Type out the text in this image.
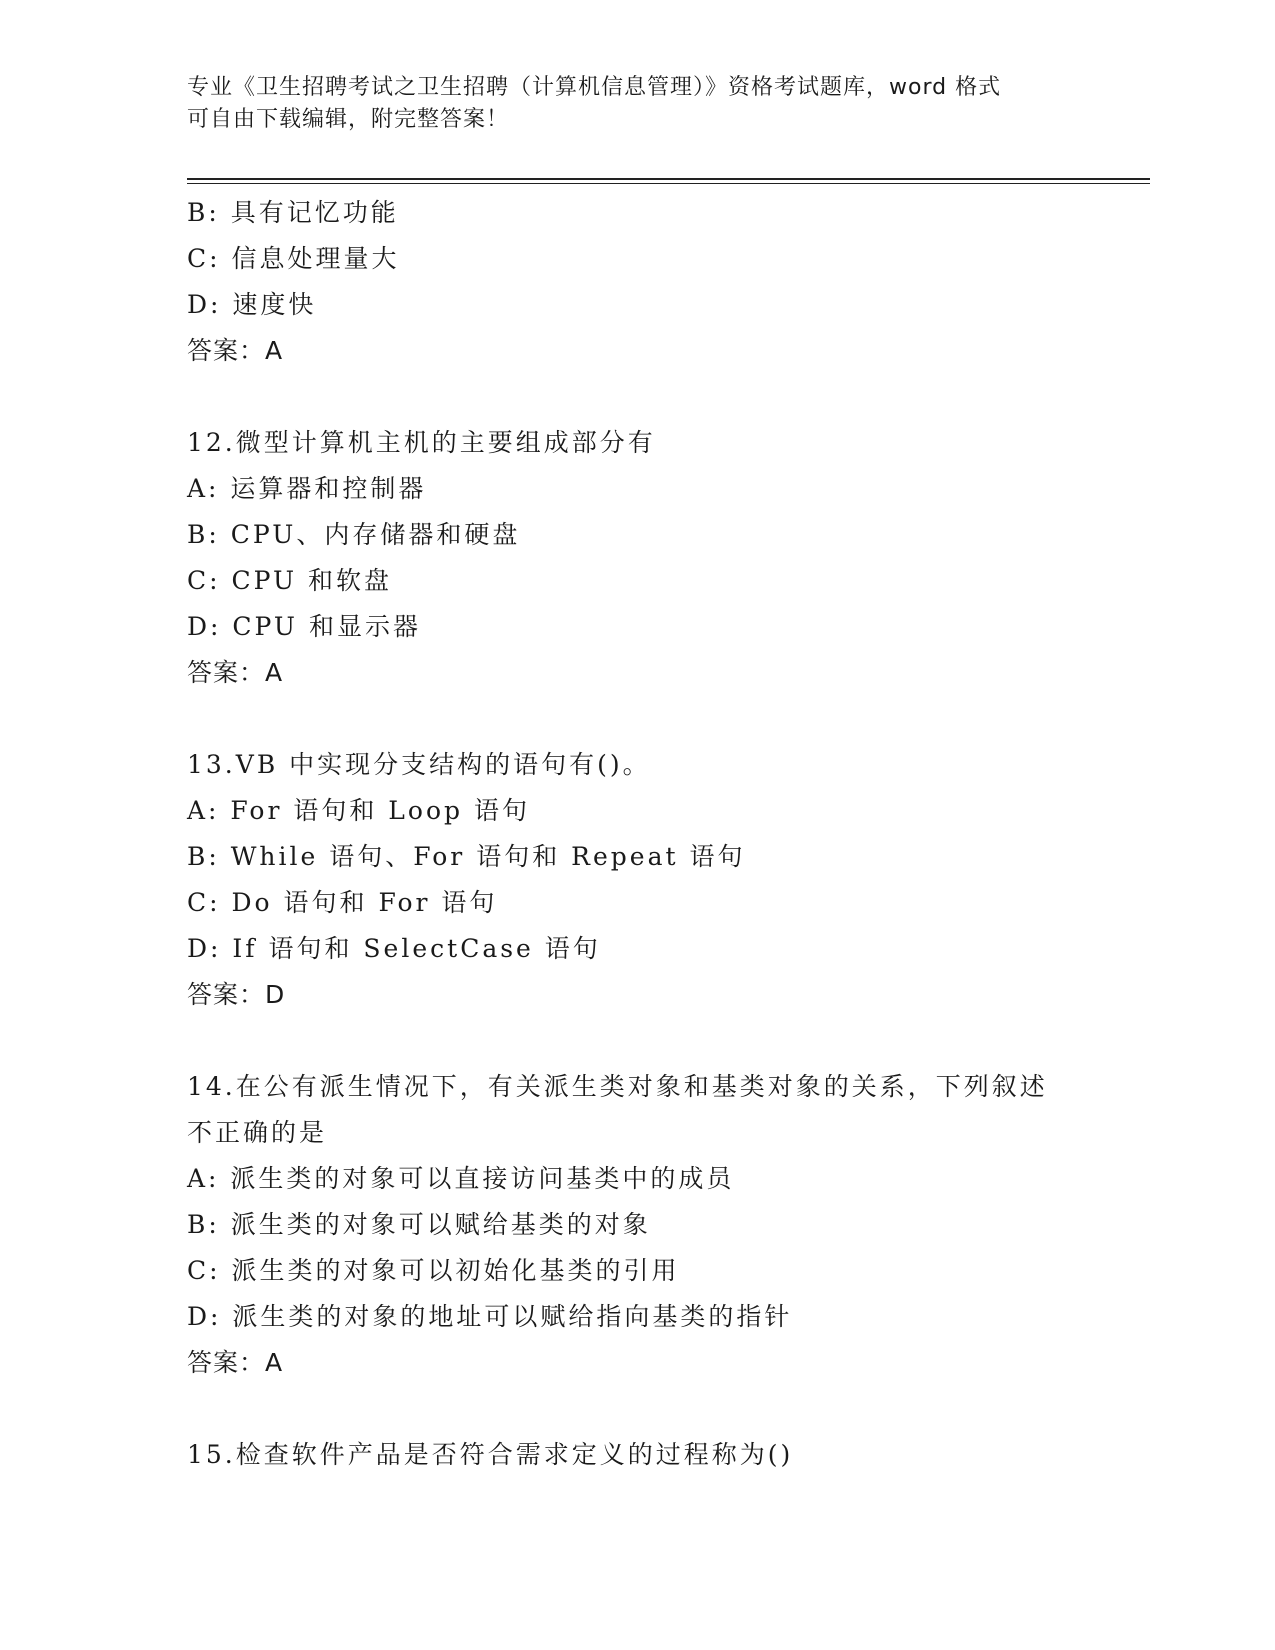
专业《卫生招聘考试之卫生招聘（计算机信息管理）》资格考试题库，word 格式
可自由下载编辑，附完整答案！
B: 具有记忆功能
C: 信息处理量大
D: 速度快
答案：A
12.微型计算机主机的主要组成部分有
A: 运算器和控制器
B: CPU、内存储器和硬盘
C: CPU 和软盘
D: CPU 和显示器
答案：A
13.VB 中实现分支结构的语句有()。
A: For 语句和 Loop 语句
B: While 语句、For 语句和 Repeat 语句
C: Do 语句和 For 语句
D: If 语句和 SelectCase 语句
答案：D
14.在公有派生情况下，有关派生类对象和基类对象的关系，下列叙述
不正确的是
A: 派生类的对象可以直接访问基类中的成员
B: 派生类的对象可以赋给基类的对象
C: 派生类的对象可以初始化基类的引用
D: 派生类的对象的地址可以赋给指向基类的指针
答案：A
15.检查软件产品是否符合需求定义的过程称为()
